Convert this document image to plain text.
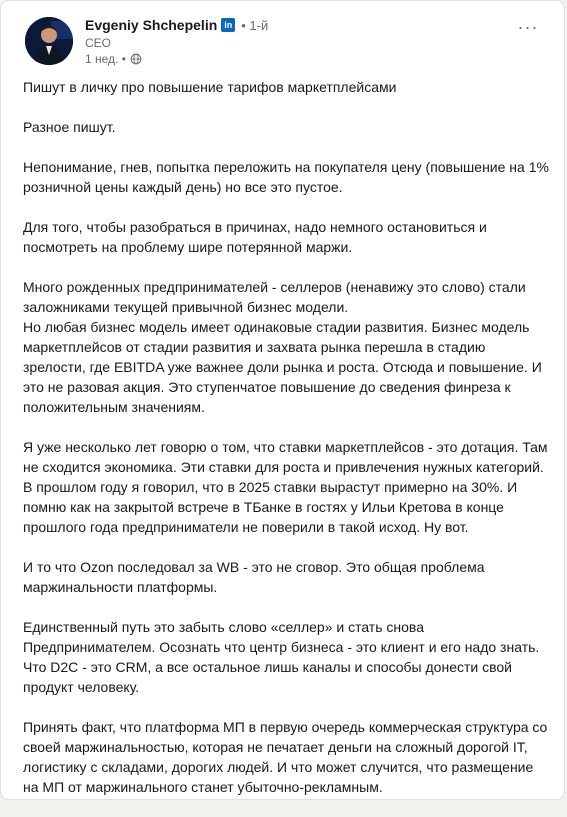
Evgeniy Shchepelin in • 1-й
CEO
1 нед. •
···

Пишут в личку про повышение тарифов маркетплейсами

Разное пишут.

Непонимание, гнев, попытка переложить на покупателя цену (повышение на 1% розничной цены каждый день) но все это пустое.

Для того, чтобы разобраться в причинах, надо немного остановиться и посмотреть на проблему шире потерянной маржи.

Много рожденных предпринимателей - селлеров (ненавижу это слово) стали заложниками текущей привычной бизнес модели.
Но любая бизнес модель имеет одинаковые стадии развития. Бизнес модель маркетплейсов от стадии развития и захвата рынка перешла в стадию зрелости, где EBITDA уже важнее доли рынка и роста. Отсюда и повышение. И это не разовая акция. Это ступенчатое повышение до сведения финреза к положительным значениям.

Я уже несколько лет говорю о том, что ставки маркетплейсов - это дотация. Там не сходится экономика. Эти ставки для роста и привлечения нужных категорий. В прошлом году я говорил, что в 2025 ставки вырастут примерно на 30%. И помню как на закрытой встрече в ТБанке в гостях у Ильи Кретова в конце прошлого года предприниматели не поверили в такой исход. Ну вот.

И то что Ozon последовал за WB - это не сговор. Это общая проблема маржинальности платформы.

Единственный путь это забыть слово «селлер» и стать снова Предпринимателем. Осознать что центр бизнеса - это клиент и его надо знать. Что D2C - это CRM, а все остальное лишь каналы и способы донести свой продукт человеку.

Принять факт, что платформа МП в первую очередь коммерческая структура со своей маржинальностью, которая не печатает деньги на сложный дорогой IT, логистику с складами, дорогих людей. И что может случится, что размещение на МП от маржинального станет убыточно-рекламным.
